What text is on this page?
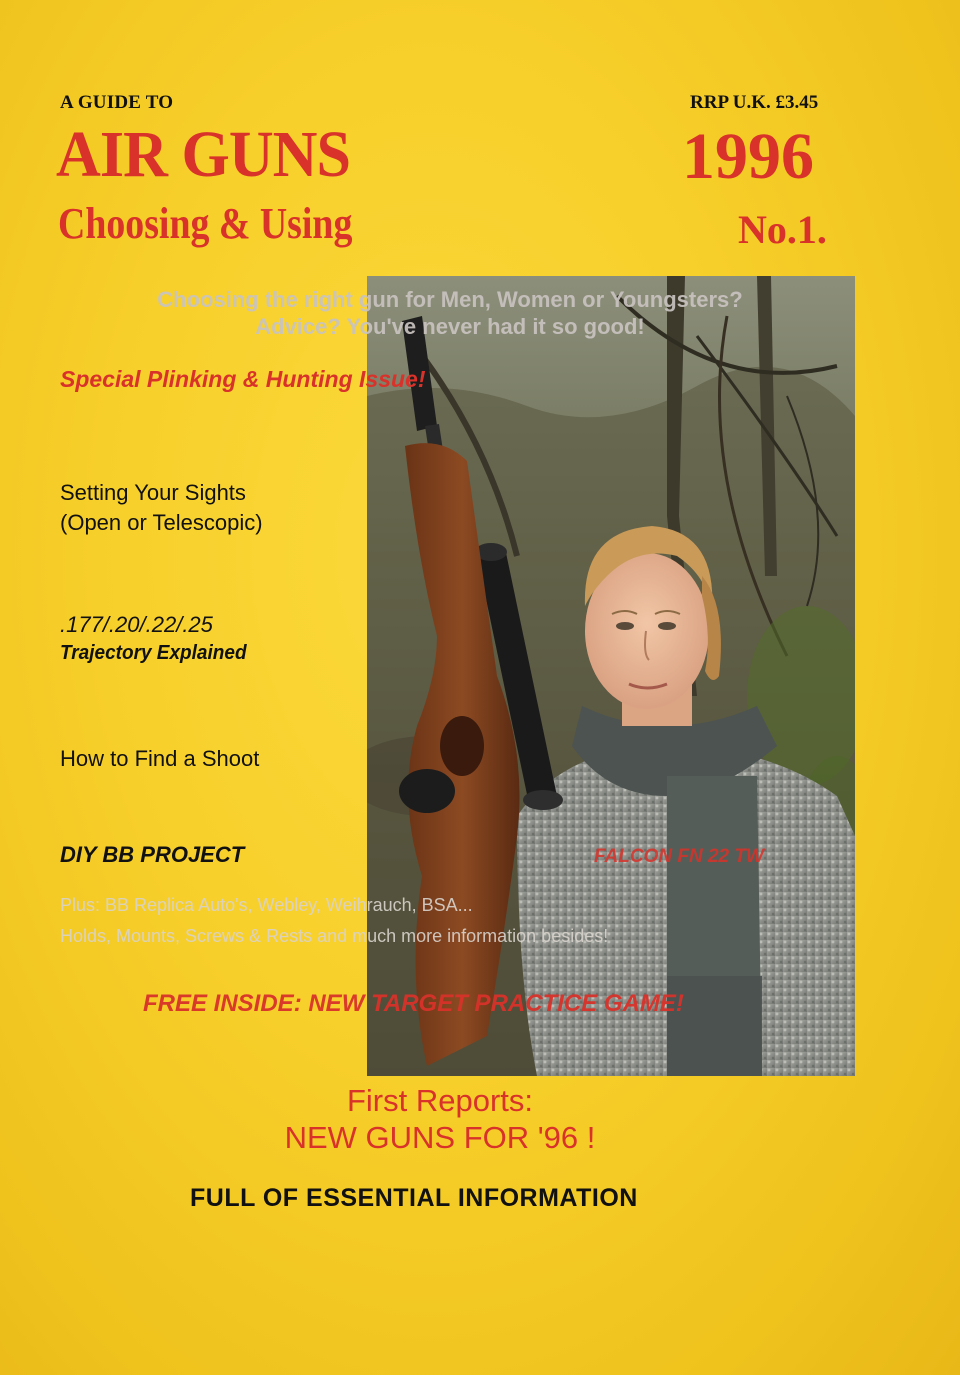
A GUIDE TO	RRP U.K. £3.45
AIR GUNS	1996
Choosing & Using	No.1.
Choosing the right gun for Men, Women or Youngsters?
Advice? You've never had it so good!
Special Plinking & Hunting Issue!
Setting Your Sights
(Open or Telescopic)
.177/.20/.22/.25
Trajectory Explained
How to Find a Shoot
DIY BB PROJECT	FALCON FN 22 TW
Plus: BB Replica Auto's, Webley, Weihrauch, BSA...
Holds, Mounts, Screws & Rests and much more information besides!
FREE INSIDE: NEW TARGET PRACTICE GAME!
First Reports:
NEW GUNS FOR '96 !
FULL OF ESSENTIAL INFORMATION
